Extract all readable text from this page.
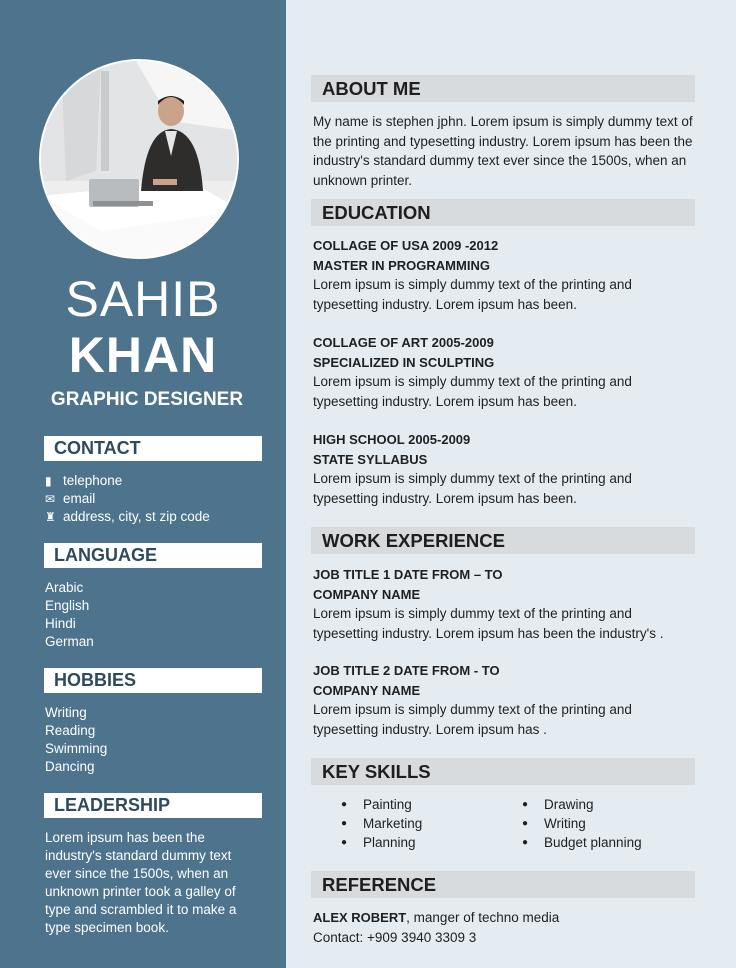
SAHIB
KHAN
GRAPHIC DESIGNER
CONTACT
▮ telephone
✉ email
♜ address, city, st zip code
LANGUAGE
Arabic
English
Hindi
German
HOBBIES
Writing
Reading
Swimming
Dancing
LEADERSHIP
Lorem ipsum has been the industry's standard dummy text ever since the 1500s, when an unknown printer took a galley of type and scrambled it to make a type specimen book.
ABOUT ME
My name is stephen jphn. Lorem ipsum is simply dummy text of the printing and typesetting industry. Lorem ipsum has been the industry's standard dummy text ever since the 1500s, when an unknown printer.
EDUCATION
COLLAGE OF USA 2009 -2012
MASTER IN PROGRAMMING
Lorem ipsum is simply dummy text of the printing and typesetting industry. Lorem ipsum has been.
COLLAGE OF ART 2005-2009
SPECIALIZED IN SCULPTING
Lorem ipsum is simply dummy text of the printing and typesetting industry. Lorem ipsum has been.
HIGH SCHOOL 2005-2009
STATE SYLLABUS
Lorem ipsum is simply dummy text of the printing and typesetting industry. Lorem ipsum has been.
WORK EXPERIENCE
JOB TITLE 1 DATE FROM – TO
COMPANY NAME
Lorem ipsum is simply dummy text of the printing and typesetting industry. Lorem ipsum has been the industry's .
JOB TITLE 2 DATE FROM - TO
COMPANY NAME
Lorem ipsum is simply dummy text of the printing and typesetting industry. Lorem ipsum has .
KEY SKILLS
● Painting
● Marketing
● Planning
● Drawing
● Writing
● Budget planning
REFERENCE
ALEX ROBERT, manger of techno media
Contact: +909 3940 3309 3
